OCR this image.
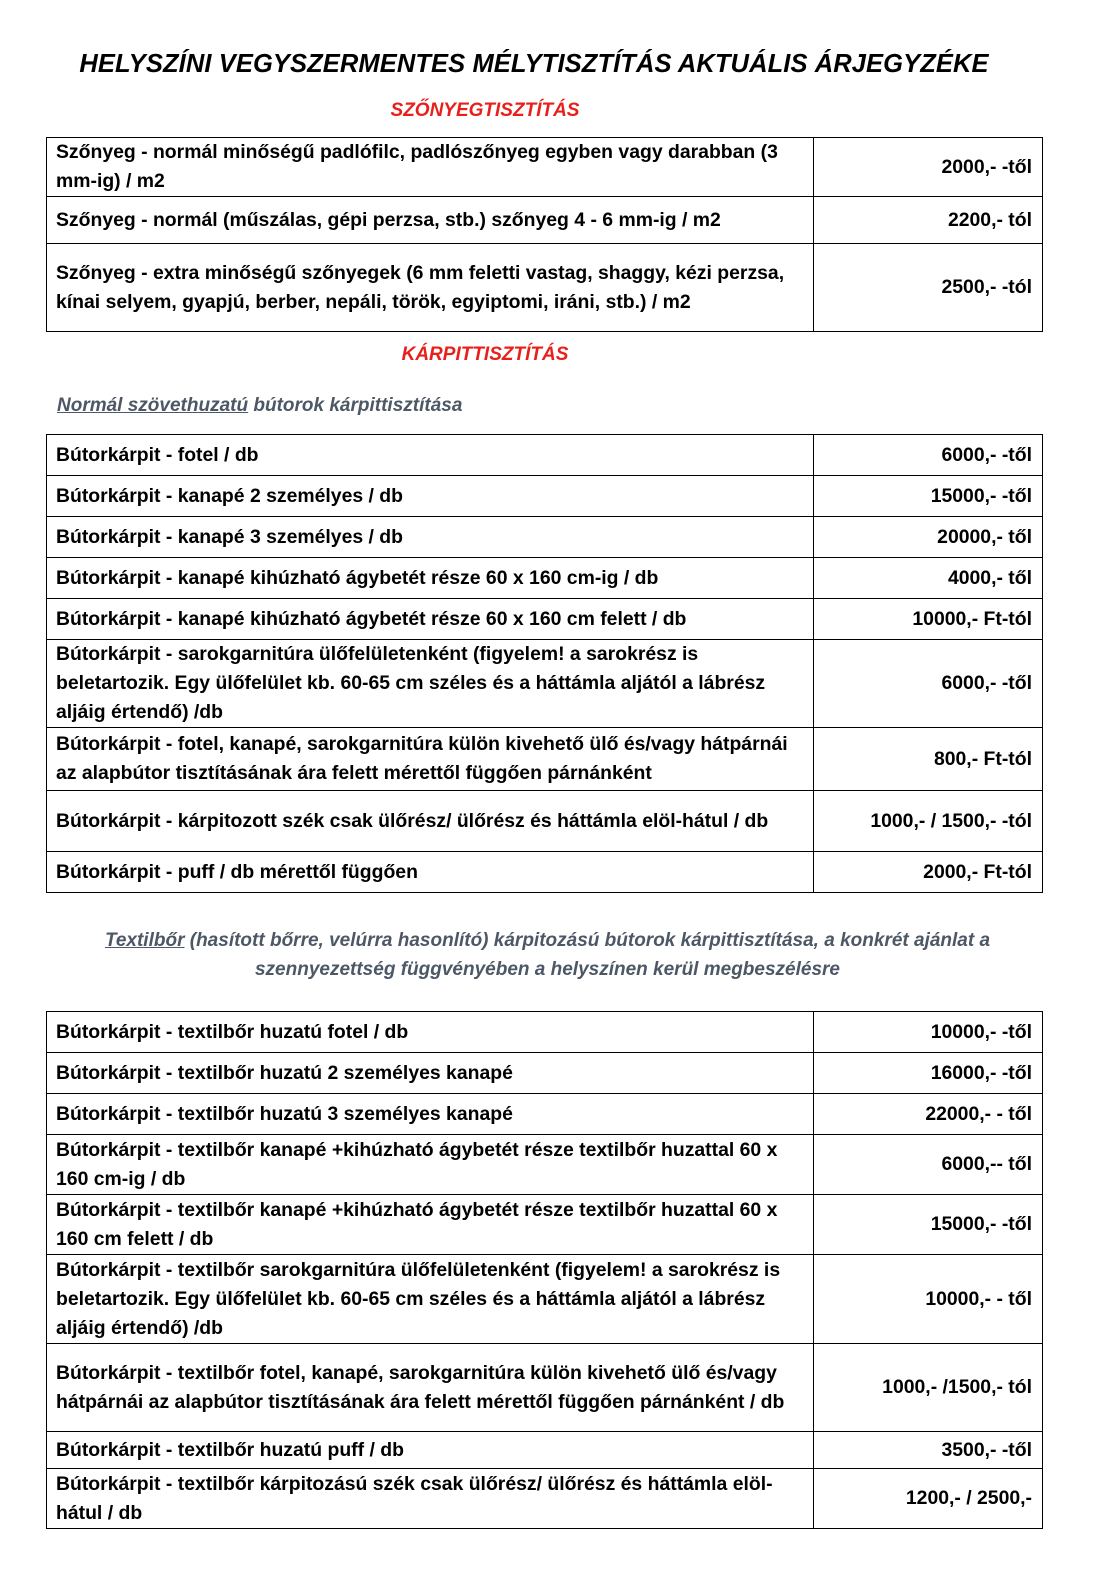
HELYSZÍNI VEGYSZERMENTES MÉLYTISZTÍTÁS AKTUÁLIS ÁRJEGYZÉKE
SZŐNYEGTISZTÍTÁS
Szőnyeg - normál minőségű padlófilc, padlószőnyeg egyben vagy darabban (3 mm-ig) / m2	2000,- -től
Szőnyeg - normál (műszálas, gépi perzsa, stb.) szőnyeg 4 - 6 mm-ig / m2	2200,- tól
Szőnyeg - extra minőségű szőnyegek (6 mm feletti vastag, shaggy, kézi perzsa, kínai selyem, gyapjú, berber, nepáli, török, egyiptomi, iráni, stb.) / m2	2500,- -tól
KÁRPITTISZTÍTÁS
Normál szövethuzatú bútorok kárpittisztítása
Bútorkárpit - fotel / db	6000,- -től
Bútorkárpit - kanapé 2 személyes / db	15000,- -től
Bútorkárpit - kanapé 3 személyes / db	20000,- től
Bútorkárpit - kanapé kihúzható ágybetét része 60 x 160 cm-ig / db	4000,- től
Bútorkárpit - kanapé kihúzható ágybetét része 60 x 160 cm felett / db	10000,- Ft-tól
Bútorkárpit - sarokgarnitúra ülőfelületenként (figyelem! a sarokrész is beletartozik. Egy ülőfelület kb. 60-65 cm széles és a háttámla aljától a lábrész aljáig értendő) /db	6000,- -től
Bútorkárpit - fotel, kanapé, sarokgarnitúra külön kivehető ülő és/vagy hátpárnái az alapbútor tisztításának ára felett mérettől függően párnánként	800,- Ft-tól
Bútorkárpit - kárpitozott szék csak ülőrész/ ülőrész és háttámla elöl-hátul / db	1000,- / 1500,- -tól
Bútorkárpit - puff / db mérettől függően	2000,- Ft-tól
Textilbőr (hasított bőrre, velúrra hasonlító) kárpitozású bútorok kárpittisztítása, a konkrét ajánlat a szennyezettség függvényében a helyszínen kerül megbeszélésre
Bútorkárpit - textilbőr huzatú fotel / db	10000,- -től
Bútorkárpit - textilbőr huzatú 2 személyes kanapé	16000,- -től
Bútorkárpit - textilbőr huzatú 3 személyes kanapé	22000,- - től
Bútorkárpit - textilbőr kanapé +kihúzható ágybetét része textilbőr huzattal 60 x 160 cm-ig / db	6000,-- től
Bútorkárpit - textilbőr kanapé +kihúzható ágybetét része textilbőr huzattal 60 x 160 cm felett / db	15000,- -től
Bútorkárpit - textilbőr sarokgarnitúra ülőfelületenként (figyelem! a sarokrész is beletartozik. Egy ülőfelület kb. 60-65 cm széles és a háttámla aljától a lábrész aljáig értendő) /db	10000,- - től
Bútorkárpit - textilbőr fotel, kanapé, sarokgarnitúra külön kivehető ülő és/vagy hátpárnái az alapbútor tisztításának ára felett mérettől függően párnánként / db	1000,- /1500,- tól
Bútorkárpit - textilbőr huzatú puff / db	3500,- -től
Bútorkárpit - textilbőr kárpitozású szék csak ülőrész/ ülőrész és háttámla elöl-hátul / db	1200,- / 2500,-
